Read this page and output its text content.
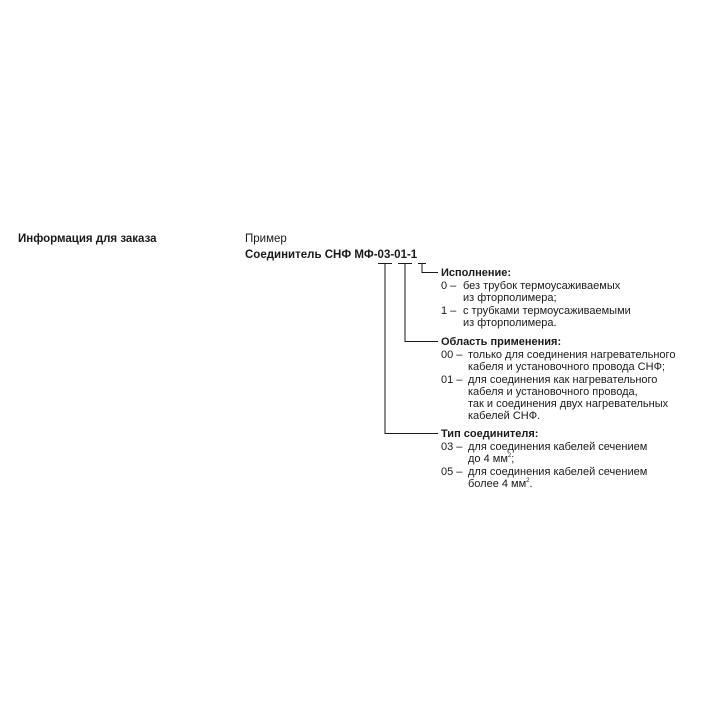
Информация для заказа	Пример
Соединитель СНФ МФ-03-01-1
Исполнение:
0 – без трубок термоусаживаемых
из фторполимера;
1 – с трубками термоусаживаемыми
из фторполимера.
Область применения:
00 – только для соединения нагревательного
кабеля и установочного провода СНФ;
01 – для соединения как нагревательного
кабеля и установочного провода,
так и соединения двух нагревательных
кабелей СНФ.
Тип соединителя:
03 – для соединения кабелей сечением
до 4 $мм^2$;
05 – для соединения кабелей сечением
более 4 $мм^2$.
